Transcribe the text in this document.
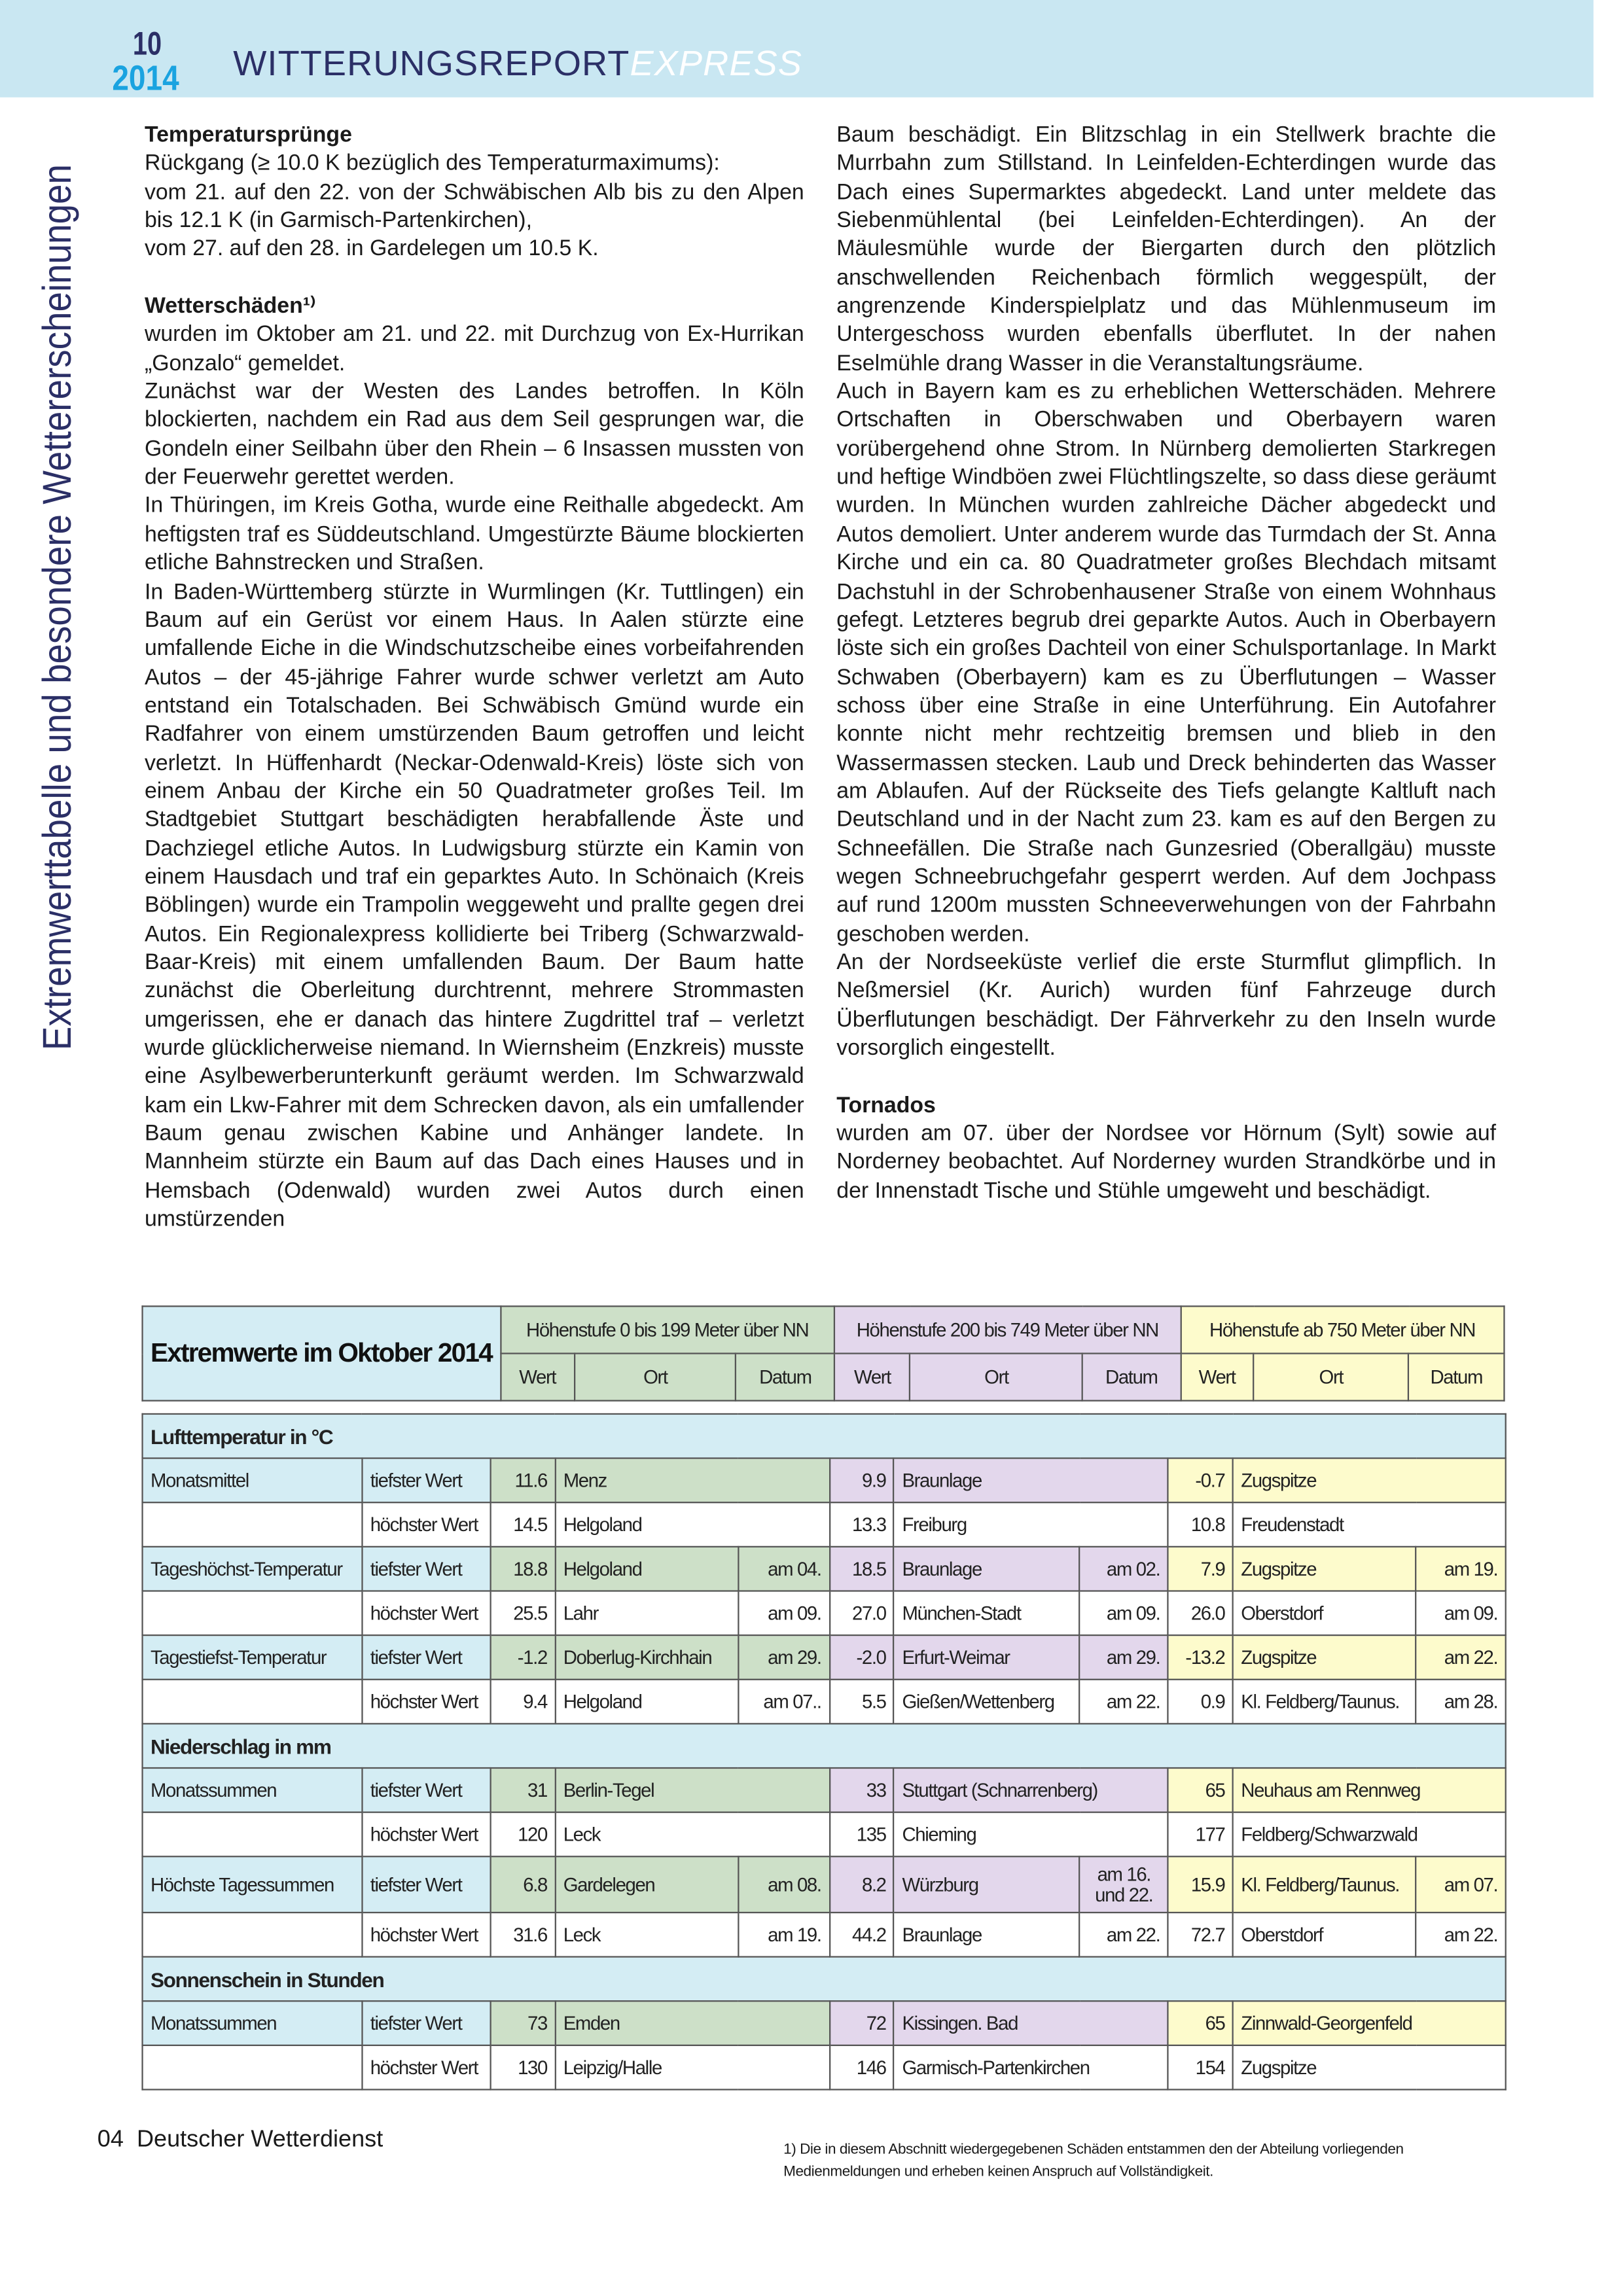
10
2014	WITTERUNGSREPORTEXPRESS
Extremwerttabelle und besondere Wettererscheinungen
Temperatursprünge

Rückgang (≥ 10.0 K bezüglich des Temperaturmaximums):

vom 21. auf den 22. von der Schwäbischen Alb bis zu den Alpen bis 12.1 K (in Garmisch-Partenkirchen),

vom 27. auf den 28. in Gardelegen um 10.5 K.

Wetterschäden¹⁾

wurden im Oktober am 21. und 22. mit Durchzug von Ex-Hurrikan „Gonzalo“ gemeldet.

Zunächst war der Westen des Landes betroffen. In Köln blockierten, nachdem ein Rad aus dem Seil gesprungen war, die Gondeln einer Seilbahn über den Rhein – 6 Insassen mussten von der Feuerwehr gerettet werden.

In Thüringen, im Kreis Gotha, wurde eine Reithalle abgedeckt. Am heftigsten traf es Süddeutschland. Umgestürzte Bäume blockierten etliche Bahnstrecken und Straßen.

In Baden-Württemberg stürzte in Wurmlingen (Kr. Tuttlingen) ein Baum auf ein Gerüst vor einem Haus. In Aalen stürzte eine umfallende Eiche in die Windschutzscheibe eines vorbeifahrenden Autos – der 45-jährige Fahrer wurde schwer verletzt am Auto entstand ein Totalschaden. Bei Schwäbisch Gmünd wurde ein Radfahrer von einem umstürzenden Baum getroffen und leicht verletzt. In Hüffenhardt (Neckar-Odenwald-Kreis) löste sich von einem Anbau der Kirche ein 50 Quadratmeter großes Teil. Im Stadtgebiet Stuttgart beschädigten herabfallende Äste und Dachziegel etliche Autos. In Ludwigsburg stürzte ein Kamin von einem Hausdach und traf ein geparktes Auto. In Schönaich (Kreis Böblingen) wurde ein Trampolin weggeweht und prallte gegen drei Autos. Ein Regionalexpress kollidierte bei Triberg (Schwarzwald-Baar-Kreis) mit einem umfallenden Baum. Der Baum hatte zunächst die Oberleitung durchtrennt, mehrere Strommasten umgerissen, ehe er danach das hintere Zugdrittel traf – verletzt wurde glücklicherweise niemand. In Wiernsheim (Enzkreis) musste eine Asylbewerberunterkunft geräumt werden. Im Schwarzwald kam ein Lkw-Fahrer mit dem Schrecken davon, als ein umfallender Baum genau zwischen Kabine und Anhänger landete. In Mannheim stürzte ein Baum auf das Dach eines Hauses und in Hemsbach (Odenwald) wurden zwei Autos durch einen umstürzenden

Baum beschädigt. Ein Blitzschlag in ein Stellwerk brachte die Murrbahn zum Stillstand. In Leinfelden-Echterdingen wurde das Dach eines Supermarktes abgedeckt. Land unter meldete das Siebenmühlental (bei Leinfelden-Echterdingen). An der Mäulesmühle wurde der Biergarten durch den plötzlich anschwellenden Reichenbach förmlich weggespült, der angrenzende Kinderspielplatz und das Mühlenmuseum im Untergeschoss wurden ebenfalls überflutet. In der nahen Eselmühle drang Wasser in die Veranstaltungsräume.

Auch in Bayern kam es zu erheblichen Wetterschäden. Mehrere Ortschaften in Oberschwaben und Oberbayern waren vorübergehend ohne Strom. In Nürnberg demolierten Starkregen und heftige Windböen zwei Flüchtlingszelte, so dass diese geräumt wurden. In München wurden zahlreiche Dächer abgedeckt und Autos demoliert. Unter anderem wurde das Turmdach der St. Anna Kirche und ein ca. 80 Quadratmeter großes Blechdach mitsamt Dachstuhl in der Schrobenhausener Straße von einem Wohnhaus gefegt. Letzteres begrub drei geparkte Autos. Auch in Oberbayern löste sich ein großes Dachteil von einer Schulsportanlage. In Markt Schwaben (Oberbayern) kam es zu Überflutungen – Wasser schoss über eine Straße in eine Unterführung. Ein Autofahrer konnte nicht mehr rechtzeitig bremsen und blieb in den Wassermassen stecken. Laub und Dreck behinderten das Wasser am Ablaufen. Auf der Rückseite des Tiefs gelangte Kaltluft nach Deutschland und in der Nacht zum 23. kam es auf den Bergen zu Schneefällen. Die Straße nach Gunzesried (Oberallgäu) musste wegen Schneebruchgefahr gesperrt werden. Auf dem Jochpass auf rund 1200m mussten Schneeverwehungen von der Fahrbahn geschoben werden.

An der Nordseeküste verlief die erste Sturmflut glimpflich. In Neßmersiel (Kr. Aurich) wurden fünf Fahrzeuge durch Überflutungen beschädigt. Der Fährverkehr zu den Inseln wurde vorsorglich eingestellt.

Tornados

wurden am 07. über der Nordsee vor Hörnum (Sylt) sowie auf Norderney beobachtet. Auf Norderney wurden Strandkörbe und in der Innenstadt Tische und Stühle umgeweht und beschädigt.

Extremwerte im Oktober 2014	Höhenstufe 0 bis 199 Meter über NN			Höhenstufe 200 bis 749 Meter über NN			Höhenstufe ab 750 Meter über NN		
	Wert	Ort	Datum	Wert	Ort	Datum	Wert	Ort	Datum
Lufttemperatur in °C										
Monatsmittel	tiefster Wert	11.6	Menz		9.9	Braunlage		-0.7	Zugspitze	
	höchster Wert	14.5	Helgoland		13.3	Freiburg		10.8	Freudenstadt	
Tageshöchst-Temperatur	tiefster Wert	18.8	Helgoland	am 04.	18.5	Braunlage	am 02.	7.9	Zugspitze	am 19.
	höchster Wert	25.5	Lahr	am 09.	27.0	München-Stadt	am 09.	26.0	Oberstdorf	am 09.
Tagestiefst-Temperatur	tiefster Wert	-1.2	Doberlug-Kirchhain	am 29.	-2.0	Erfurt-Weimar	am 29.	-13.2	Zugspitze	am 22.
	höchster Wert	9.4	Helgoland	am 07..	5.5	Gießen/Wettenberg	am 22.	0.9	Kl. Feldberg/Taunus.	am 28.
Niederschlag in mm										
Monatssummen	tiefster Wert	31	Berlin-Tegel		33	Stuttgart (Schnarrenberg)		65	Neuhaus am Rennweg	
	höchster Wert	120	Leck		135	Chieming		177	Feldberg/Schwarzwald	
Höchste Tagessummen	tiefster Wert	6.8	Gardelegen	am 08.	8.2	Würzburg	am 16. und 22.	15.9	Kl. Feldberg/Taunus.	am 07.
	höchster Wert	31.6	Leck	am 19.	44.2	Braunlage	am 22.	72.7	Oberstdorf	am 22.
Sonnenschein in Stunden										
Monatssummen	tiefster Wert	73	Emden		72	Kissingen. Bad		65	Zinnwald-Georgenfeld	
	höchster Wert	130	Leipzig/Halle		146	Garmisch-Partenkirchen		154	Zugspitze	
04 Deutscher Wetterdienst	1) Die in diesem Abschnitt wiedergegebenen Schäden entstammen den der Abteilung vorliegenden Medienmeldungen und erheben keinen Anspruch auf Vollständigkeit.
